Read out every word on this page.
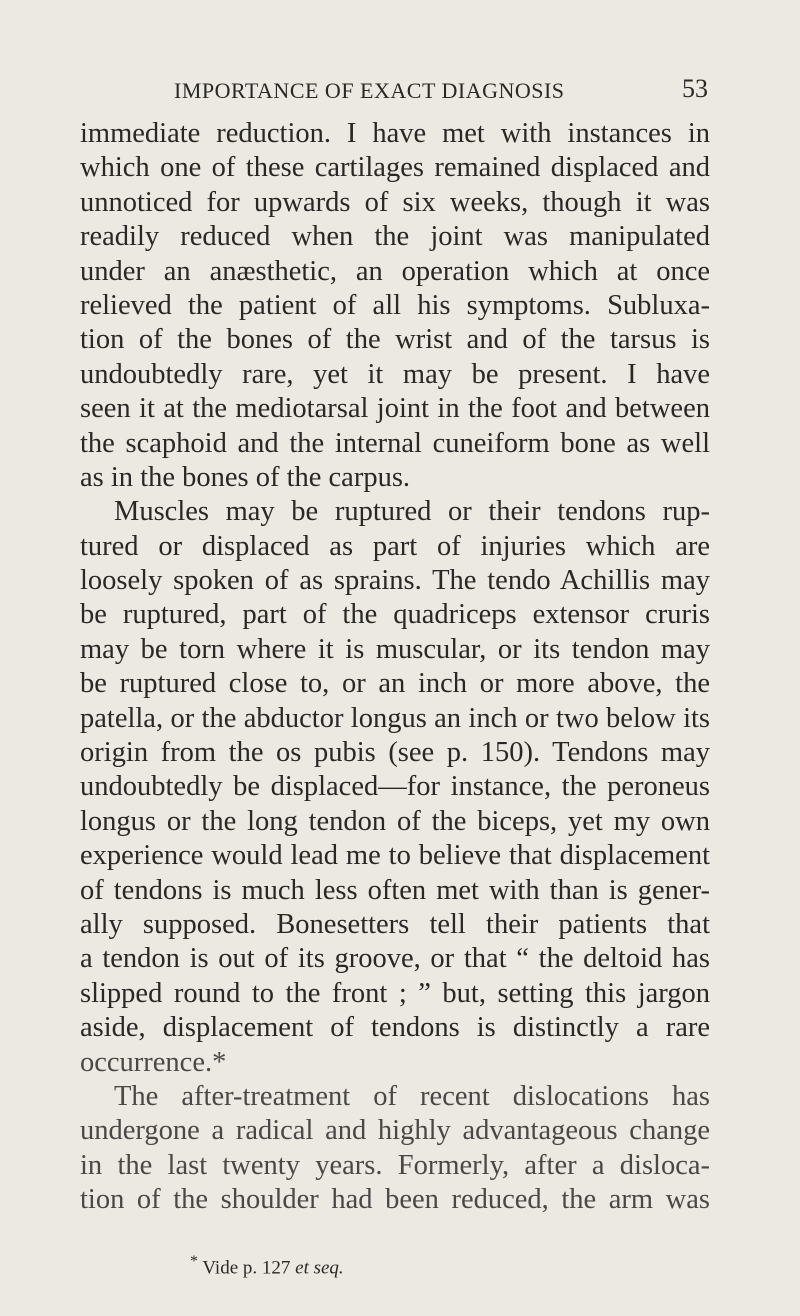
IMPORTANCE OF EXACT DIAGNOSIS	53
immediate reduction. I have met with instances in
which one of these cartilages remained displaced and
unnoticed for upwards of six weeks, though it was
readily reduced when the joint was manipulated
under an anæsthetic, an operation which at once
relieved the patient of all his symptoms. Subluxa-
tion of the bones of the wrist and of the tarsus is
undoubtedly rare, yet it may be present. I have
seen it at the mediotarsal joint in the foot and between
the scaphoid and the internal cuneiform bone as well
as in the bones of the carpus.
Muscles may be ruptured or their tendons rup-
tured or displaced as part of injuries which are
loosely spoken of as sprains. The tendo Achillis may
be ruptured, part of the quadriceps extensor cruris
may be torn where it is muscular, or its tendon may
be ruptured close to, or an inch or more above, the
patella, or the abductor longus an inch or two below its
origin from the os pubis (see p. 150). Tendons may
undoubtedly be displaced—for instance, the peroneus
longus or the long tendon of the biceps, yet my own
experience would lead me to believe that displacement
of tendons is much less often met with than is gener-
ally supposed. Bonesetters tell their patients that
a tendon is out of its groove, or that “ the deltoid has
slipped round to the front ; ” but, setting this jargon
aside, displacement of tendons is distinctly a rare
occurrence.*
The after-treatment of recent dislocations has
undergone a radical and highly advantageous change
in the last twenty years. Formerly, after a disloca-
tion of the shoulder had been reduced, the arm was
* Vide p. 127 et seq.
